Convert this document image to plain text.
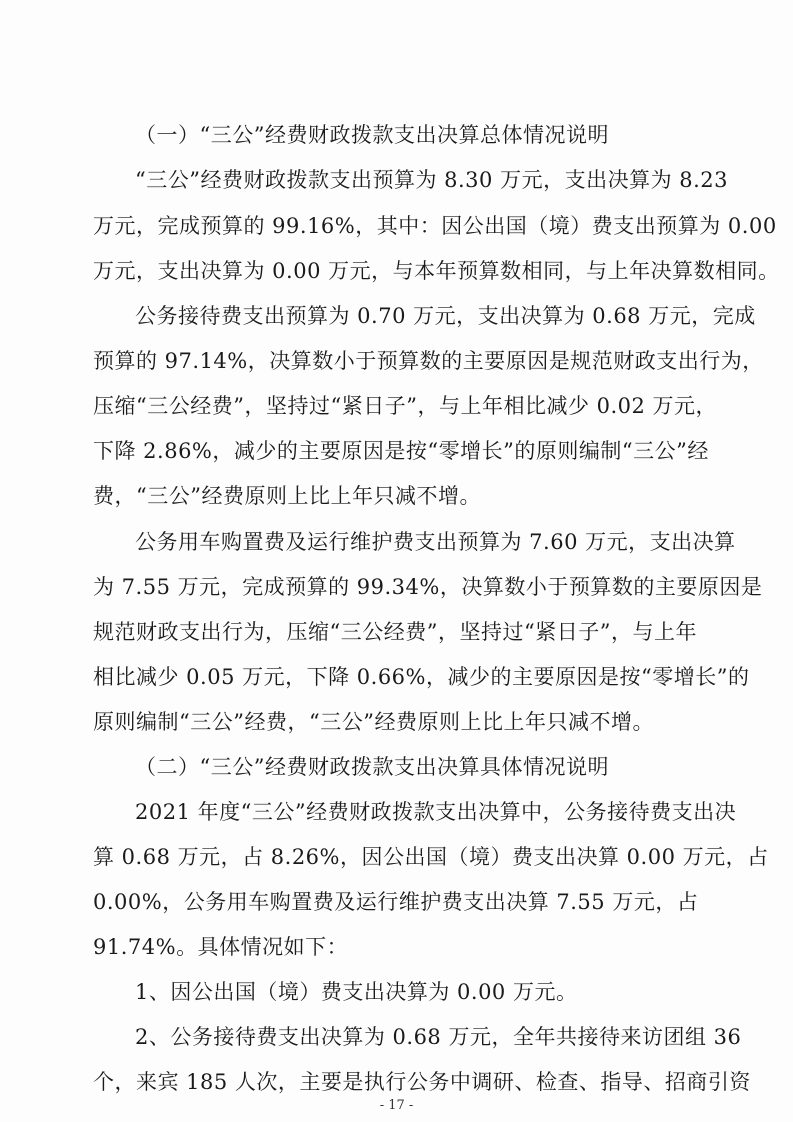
（一）“三公”经费财政拨款支出决算总体情况说明
“三公”经费财政拨款支出预算为 8.30 万元，支出决算为 8.23
万元，完成预算的 99.16%，其中：因公出国（境）费支出预算为 0.00
万元，支出决算为 0.00 万元，与本年预算数相同，与上年决算数相同。
公务接待费支出预算为 0.70 万元，支出决算为 0.68 万元，完成
预算的 97.14%，决算数小于预算数的主要原因是规范财政支出行为，
压缩“三公经费”，坚持过“紧日子”，与上年相比减少 0.02 万元，
下降 2.86%，减少的主要原因是按“零增长”的原则编制“三公”经
费，“三公”经费原则上比上年只减不增。
公务用车购置费及运行维护费支出预算为 7.60 万元，支出决算
为 7.55 万元，完成预算的 99.34%，决算数小于预算数的主要原因是
规范财政支出行为，压缩“三公经费”，坚持过“紧日子”，与上年
相比减少 0.05 万元，下降 0.66%，减少的主要原因是按“零增长”的
原则编制“三公”经费，“三公”经费原则上比上年只减不增。
（二）“三公”经费财政拨款支出决算具体情况说明
2021 年度“三公”经费财政拨款支出决算中，公务接待费支出决
算 0.68 万元，占 8.26%，因公出国（境）费支出决算 0.00 万元，占
0.00%，公务用车购置费及运行维护费支出决算 7.55 万元，占
91.74%。具体情况如下：
1、因公出国（境）费支出决算为 0.00 万元。
2、公务接待费支出决算为 0.68 万元，全年共接待来访团组 36
个，来宾 185 人次，主要是执行公务中调研、检查、指导、招商引资
- 17 -
